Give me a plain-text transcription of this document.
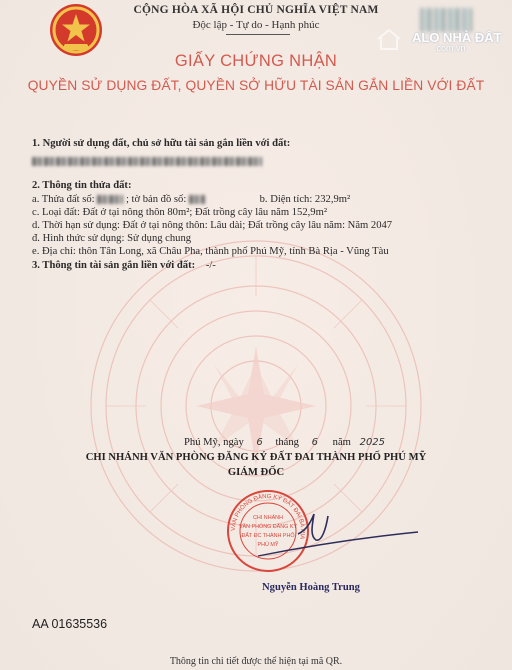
CỘNG HÒA XÃ HỘI CHỦ NGHĨA VIỆT NAM
Độc lập - Tự do - Hạnh phúc
ALO NHÀ ĐẤT
.com.vn
GIẤY CHỨNG NHẬN
QUYỀN SỬ DỤNG ĐẤT, QUYỀN SỞ HỮU TÀI SẢN GẮN LIỀN VỚI ĐẤT
1. Người sử dụng đất, chủ sở hữu tài sản gắn liền với đất:
2. Thông tin thửa đất:
a. Thửa đất số:	; tờ bản đồ số:	b. Diện tích: 232,9m²
c. Loại đất: Đất ở tại nông thôn 80m²; Đất trồng cây lâu năm 152,9m²
d. Thời hạn sử dụng: Đất ở tại nông thôn: Lâu dài; Đất trồng cây lâu năm: Năm 2047
đ. Hình thức sử dụng: Sử dụng chung
e. Địa chỉ: thôn Tân Long, xã Châu Pha, thành phố Phú Mỹ, tỉnh Bà Rịa - Vũng Tàu
3. Thông tin tài sản gắn liền với đất: -/-
Phú Mỹ, ngày 6 tháng 6 năm 2025
CHI NHÁNH VĂN PHÒNG ĐĂNG KÝ ĐẤT ĐAI THÀNH PHỐ PHÚ MỸ
GIÁM ĐỐC
VĂN PHÒNG ĐĂNG KÝ ĐẤT ĐAI BÀ RỊA
CHI NHÁNH
VĂN PHÒNG ĐĂNG KÝ
ĐẤT ĐC THÀNH PHỐ
PHÚ MỸ
Nguyễn Hoàng Trung
AA 01635536
Thông tin chi tiết được thể hiện tại mã QR.
